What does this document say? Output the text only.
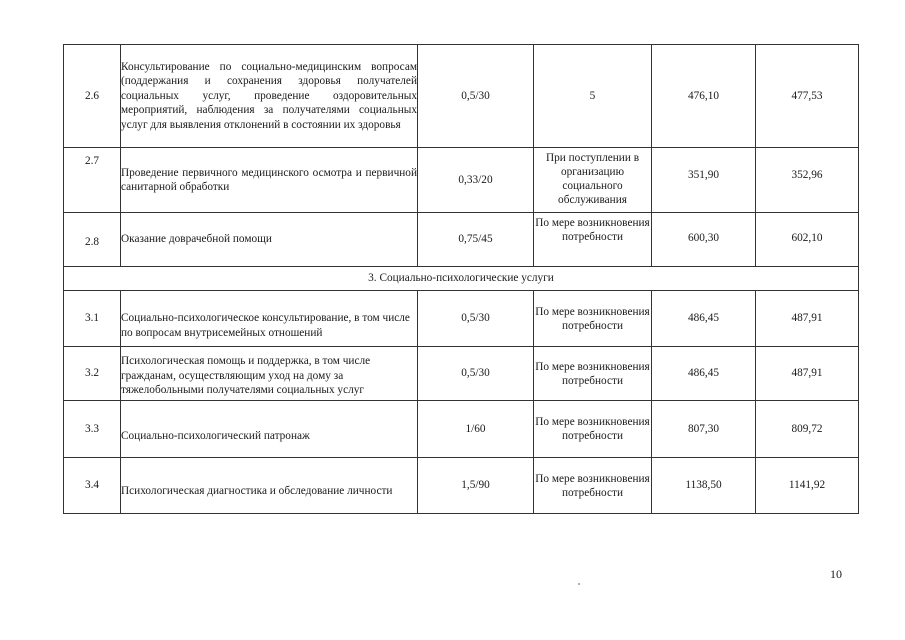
2.6	Консультирование по социально-медицинским вопросам (поддержания и сохранения здоровья получателей социальных услуг, проведение оздоровительных мероприятий, наблюдения за получателями социальных услуг для выявления отклонений в состоянии их здоровья	0,5/30	5	476,10	477,53
2.7	Проведение первичного медицинского осмотра и первичной санитарной обработки	0,33/20	При поступлении в организацию социального обслуживания	351,90	352,96
2.8	Оказание доврачебной помощи	0,75/45	По мере возникновения потребности	600,30	602,10
3. Социально-психологические услуги					
3.1	Социально-психологическое консультирование, в том числе по вопросам внутрисемейных отношений	0,5/30	По мере возникновения потребности	486,45	487,91
3.2	Психологическая помощь и поддержка, в том числе гражданам, осуществляющим уход на дому за тяжелобольными получателями социальных услуг	0,5/30	По мере возникновения потребности	486,45	487,91
3.3	Социально-психологический патронаж	1/60	По мере возникновения потребности	807,30	809,72
3.4	Психологическая диагностика и обследование личности	1,5/90	По мере возникновения потребности	1138,50	1141,92
10
